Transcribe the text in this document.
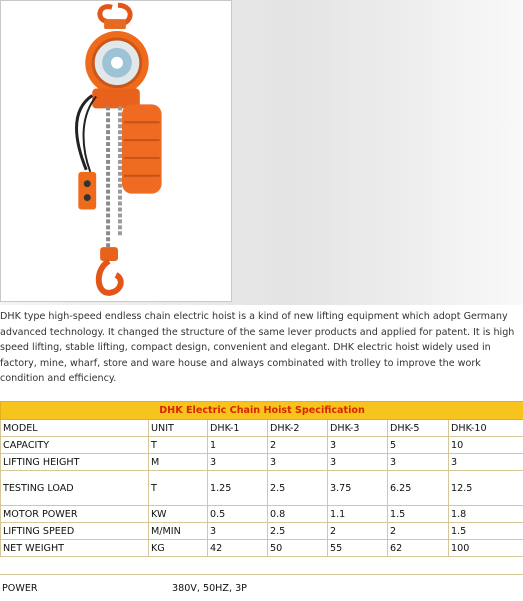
DHK type high-speed endless chain electric hoist is a kind of new lifting equipment which adopt Germany advanced technology. It changed the structure of the same lever products and applied for patent. It is high speed lifting, stable lifting, compact design, convenient and elegant. DHK electric hoist widely used in factory, mine, wharf, store and ware house and always combinated with trolley to improve the work condition and efficiency.
DHK Electric Chain Hoist Specification						
MODEL	UNIT	DHK-1	DHK-2	DHK-3	DHK-5	DHK-10
CAPACITY	T	1	2	3	5	10
LIFTING HEIGHT	M	3	3	3	3	3
TESTING LOAD	T	1.25	2.5	3.75	6.25	12.5
MOTOR POWER	KW	0.5	0.8	1.1	1.5	1.8
LIFTING SPEED	M/MIN	3	2.5	2	2	1.5
NET WEIGHT	KG	42	50	55	62	100
POWER	380V, 50HZ, 3P
